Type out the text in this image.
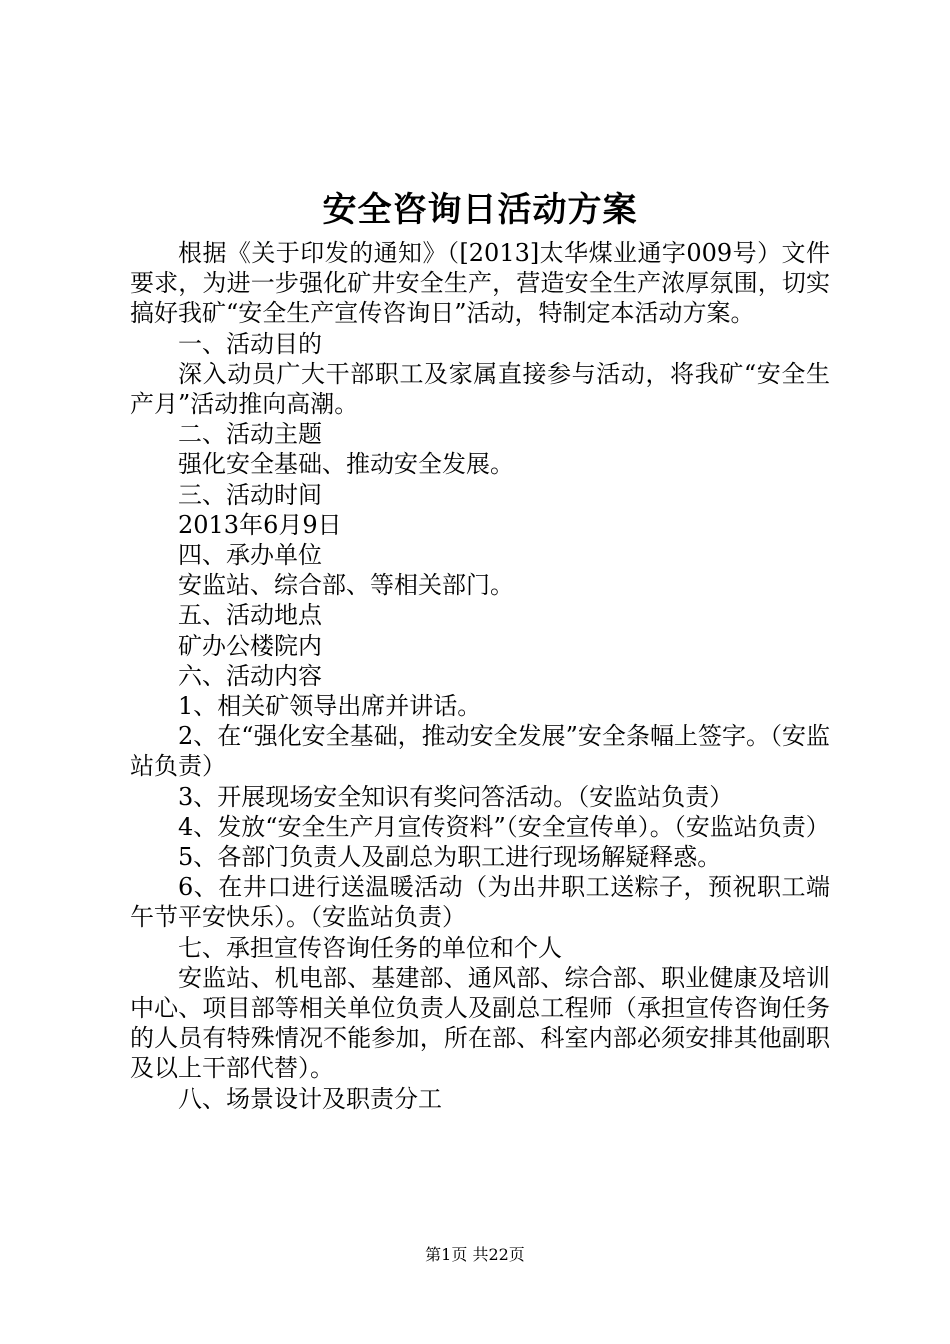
安全咨询日活动方案

根据《关于印发的通知》（[2013]太华煤业通字009号）文件要求，为进一步强化矿井安全生产，营造安全生产浓厚氛围，切实搞好我矿“安全生产宣传咨询日”活动，特制定本活动方案。

一、活动目的

深入动员广大干部职工及家属直接参与活动，将我矿“安全生产月”活动推向高潮。

二、活动主题

强化安全基础、推动安全发展。

三、活动时间

2013年6月9日

四、承办单位

安监站、综合部、等相关部门。

五、活动地点

矿办公楼院内

六、活动内容

1、相关矿领导出席并讲话。

2、在“强化安全基础，推动安全发展”安全条幅上签字。（安监站负责）

3、开展现场安全知识有奖问答活动。（安监站负责）

4、发放“安全生产月宣传资料”（安全宣传单）。（安监站负责）

5、各部门负责人及副总为职工进行现场解疑释惑。

6、在井口进行送温暖活动（为出井职工送粽子，预祝职工端午节平安快乐）。（安监站负责）

七、承担宣传咨询任务的单位和个人

安监站、机电部、基建部、通风部、综合部、职业健康及培训中心、项目部等相关单位负责人及副总工程师（承担宣传咨询任务的人员有特殊情况不能参加，所在部、科室内部必须安排其他副职及以上干部代替）。

八、场景设计及职责分工

第1页 共22页
